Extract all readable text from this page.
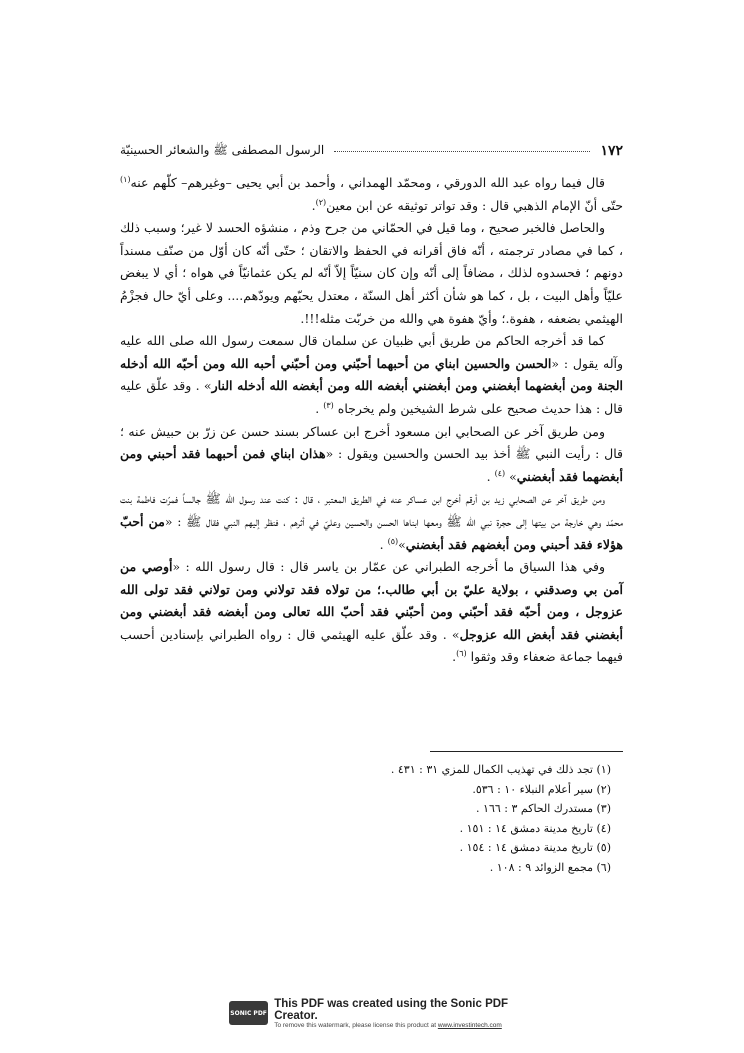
١٧٢
الرسول المصطفى ﷺ والشعائر الحسينيّة

قال فيما رواه عبد الله الدورقي ، ومحمّد الهمداني ، وأحمد بن أبي يحيى –وغيرهم– كلّهم عنه$^{(١)}$ حتّى أنّ الإمام الذهبي قال : وقد تواتر توثيقه عن ابن معين$^{(٢)}$.

والحاصل فالخبر صحيح ، وما قيل في الحمّاني من جرح وذم ، منشؤه الحسد لا غير؛ وسبب ذلك ، كما في مصادر ترجمته ، أنّه فاق أقرانه في الحفظ والاتقان ؛ حتّى أنّه كان أوّل من صنّف مسنداً دونهم ؛ فحسدوه لذلك ، مضافاً إلى أنّه وإن كان سنيّاً إلاّ أنّه لم يكن عثمانيّاً في هواه ؛ أي لا يبغض عليّاً وأهل البيت ، بل ، كما هو شأن أكثر أهل السنّة ، معتدل يحبّهم ويودّهم.... وعلى أيّ حال فجزْمُ الهيثمي بضعفه ، هفوة.؛ وأيّ هفوة هي والله من خربّت مثله!!!.

كما قد أخرجه الحاكم من طريق أبي ظبيان عن سلمان قال سمعت رسول الله صلى الله عليه وآله يقول : «الحسن والحسين ابناي من أحبهما أحبّني ومن أحبّني أحبه الله ومن أحبّه الله أدخله الجنة ومن أبغضهما أبغضني ومن أبغضني أبغضه الله ومن أبغضه الله أدخله النار» . وقد علّق عليه قال : هذا حديث صحيح على شرط الشيخين ولم يخرجاه $^{(٣)}$ .

ومن طريق آخر عن الصحابي ابن مسعود أخرج ابن عساكر بسند حسن عن زرّ بن حبيش عنه ؛ قال : رأيت النبي ﷺ أخذ بيد الحسن والحسين ويقول : «هذان ابناي فمن أحبهما فقد أحبني ومن أبغضهما فقد أبغضني» $^{(٤)}$ .

ومن طريق آخر عن الصحابي زيد بن أرقم أخرج ابن عساكر عنه في الطريق المعتبر ، قال : كنت عند رسول الله ﷺ جالساً فمرّت فاطمة بنت محمّد وهي خارجة من بيتها إلى حجرة نبي الله ﷺ ومعها ابناها الحسن والحسين وعليّ في أثرهم ، فنظر إليهم النبي فقال ﷺ : «من أحبّ هؤلاء فقد أحبني ومن أبغضهم فقد أبغضني»$^{(٥)}$ .

وفي هذا السياق ما أخرجه الطبراني عن عمّار بن ياسر قال : قال رسول الله : «أوصي من آمن بي وصدقني ، بولاية عليّ بن أبي طالب.؛ من تولاه فقد تولاني ومن تولاني فقد تولى الله عزوجل ، ومن أحبّه فقد أحبّني ومن أحبّني فقد أحبّ الله تعالى ومن أبغضه فقد أبغضني ومن أبغضني فقد أبغض الله عزوجل» . وقد علّق عليه الهيثمي قال : رواه الطبراني بإسنادين أحسب فيهما جماعة ضعفاء وقد وثقوا $^{(٦)}$.

(١) تجد ذلك في تهذيب الكمال للمزي ٣١ : ٤٣١ .
(٢) سير أعلام النبلاء ١٠ : ٥٣٦.
(٣) مستدرك الحاكم ٣ : ١٦٦ .
(٤) تاريخ مدينة دمشق ١٤ : ١٥١ .
(٥) تاريخ مدينة دمشق ١٤ : ١٥٤ .
(٦) مجمع الزوائد ٩ : ١٠٨ .
SONIC PDF
This PDF was created using the Sonic PDF Creator.
To remove this watermark, please license this product at www.investintech.com
